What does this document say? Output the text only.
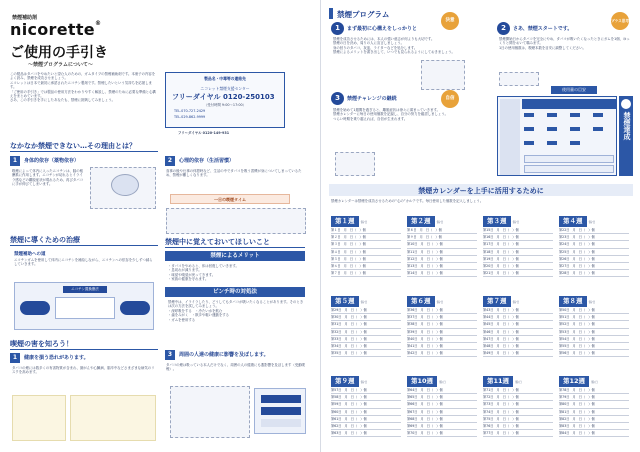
禁煙補助剤
nicorette®
ご使用の手引き
〜禁煙プログラムについて〜
この製品はタバコをやめたいと望む人のための、ガムタイプの禁煙補助剤です。本冊子の内容をよく読み、禁煙を成功させましょう。
ニコレットは日本で最初に承認されたニコチン製剤です。禁煙したいという気持ちを応援します。
「ご使用の手引き」では製品の使用方法をわかりやすく解説し、禁煙のために必要な準備と心構えをまとめています。
さあ、この手引きを手にしたあなたも、禁煙に挑戦してみましょう。
製品名・中毒等の連絡先
ニコレット禁煙支援センター
フリーダイヤル 0120-250103
（受付時間 9:00〜17:00）
TEL.070-727-2429
TEL.029-862-9999
フリーダイヤル 0120-149-931
なかなか禁煙できない…その理由とは？
1	身体的依存（薬物依存）
喫煙によって体内に入ったニコチンは、脳の報酬系に作用します。ニコチンが切れるとイライラ感などの離脱症状が現れるため、再びタバコに手が伸びてしまいます。
禁煙に導くための治療
禁煙補助への道
ニコチンガムを使用して体内にニコチンを補給しながら、ニコチンへの依存を少しずつ減らしていきます。
ニコチン置換療法
喫煙の害を知ろう！
1	健康を損う恐れがあります。
タバコの煙には数多くの有害物質が含まれ、肺がんや心臓病、脳卒中などさまざまな病気のリスクを高めます。
2	心理的依存（生活習慣）
食事の後や仕事の休憩時など、生活の中でタバコを吸う習慣が身についてしまっているため、禁煙が難しくなります。
一日の喫煙タイム
禁煙中に覚えておいてほしいこと
禁煙によるメリット
・タバコをやめると、体は回復していきます。
・息切れが減ります。
・味覚や嗅覚が戻ってきます。
・家族の健康を守れます。
ピンチ時の対処法
禁煙中は、イライラしたり、どうしてもタバコが吸いたくなることがあります。そのときは次の方法を試してみましょう。
・深呼吸をする　・冷たい水を飲む
・歯をみがく　・散歩や軽い運動をする
・ガムを使用する
3	周囲の人達の健康に影響を及ぼします。
タバコの煙は吸っている本人だけでなく、周囲の人の健康にも悪影響を及ぼします（受動喫煙）。
禁煙プログラム
1	まず最初に心構えをしっかりと
決意
禁煙を成功させるためには、本人の強い意志が何よりも大切です。
禁煙の日を決め、周りの人に宣言しましょう。
身の回りのタバコ、灰皿、ライターなどを処分します。
禁煙によるメリットを書き出して、いつでも見られるようにしておきましょう。
3	禁煙チャレンジの継続	自信
禁煙を始めて1週間を過ぎると、離脱症状は徐々に弱まっていきます。
禁煙カレンダーに毎日の使用個数を記録し、自分の努力を確認しましょう。
つらい時期を乗り越えれば、自信が生まれます。
2	さあ、禁煙スタートです。
プラス思考
禁煙開始日からタバコを完全にやめ、タバコが吸いたくなったときにガムを1個、ゆっくりと間をおいて噛みます。
1日の使用個数は、喫煙本数を目安に調整してください。
使用量の目安
禁煙達成
禁煙カレンダーを上手に活用するために
禁煙カレンダーは禁煙を成功させるための“心の”カルテです。毎日使用した個数を記入しましょう。
第１週	個/日
第１日 月　日（　）個
第２日 月　日（　）個
第３日 月　日（　）個
第４日 月　日（　）個
第５日 月　日（　）個
第６日 月　日（　）個
第７日 月　日（　）個
第２週	個/日
第８日 月　日（　）個
第９日 月　日（　）個
第10日 月　日（　）個
第11日 月　日（　）個
第12日 月　日（　）個
第13日 月　日（　）個
第14日 月　日（　）個
第３週	個/日
第15日 月　日（　）個
第16日 月　日（　）個
第17日 月　日（　）個
第18日 月　日（　）個
第19日 月　日（　）個
第20日 月　日（　）個
第21日 月　日（　）個
第４週	個/日
第22日 月　日（　）個
第23日 月　日（　）個
第24日 月　日（　）個
第25日 月　日（　）個
第26日 月　日（　）個
第27日 月　日（　）個
第28日 月　日（　）個
第５週	個/日
第29日 月　日（　）個
第30日 月　日（　）個
第31日 月　日（　）個
第32日 月　日（　）個
第33日 月　日（　）個
第34日 月　日（　）個
第35日 月　日（　）個
第６週	個/日
第36日 月　日（　）個
第37日 月　日（　）個
第38日 月　日（　）個
第39日 月　日（　）個
第40日 月　日（　）個
第41日 月　日（　）個
第42日 月　日（　）個
第７週	個/日
第43日 月　日（　）個
第44日 月　日（　）個
第45日 月　日（　）個
第46日 月　日（　）個
第47日 月　日（　）個
第48日 月　日（　）個
第49日 月　日（　）個
第８週	個/日
第50日 月　日（　）個
第51日 月　日（　）個
第52日 月　日（　）個
第53日 月　日（　）個
第54日 月　日（　）個
第55日 月　日（　）個
第56日 月　日（　）個
第９週	個/日
第57日 月　日（　）個
第58日 月　日（　）個
第59日 月　日（　）個
第60日 月　日（　）個
第61日 月　日（　）個
第62日 月　日（　）個
第63日 月　日（　）個
第10週	個/日
第64日 月　日（　）個
第65日 月　日（　）個
第66日 月　日（　）個
第67日 月　日（　）個
第68日 月　日（　）個
第69日 月　日（　）個
第70日 月　日（　）個
第11週	個/日
第71日 月　日（　）個
第72日 月　日（　）個
第73日 月　日（　）個
第74日 月　日（　）個
第75日 月　日（　）個
第76日 月　日（　）個
第77日 月　日（　）個
第12週	個/日
第78日 月　日（　）個
第79日 月　日（　）個
第80日 月　日（　）個
第81日 月　日（　）個
第82日 月　日（　）個
第83日 月　日（　）個
第84日 月　日（　）個
